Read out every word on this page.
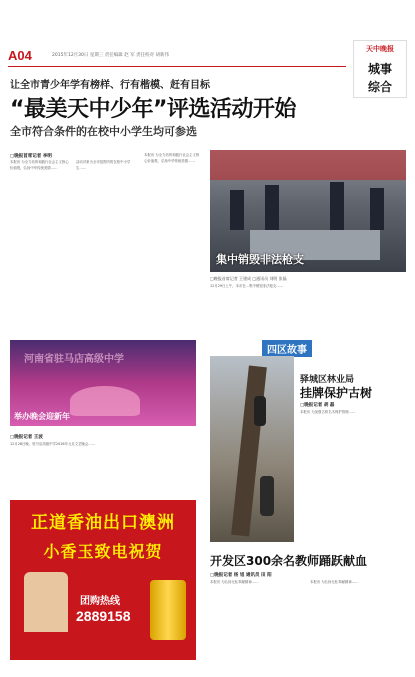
A04	2015年12月30日 星期三 责任编辑 赵 军 责任校对 胡新伟
天中晚报
城事
综合
让全市青少年学有榜样、行有楷模、赶有目标
“最美天中少年”评选活动开始
全市符合条件的在校中小学生均可参选
□晚报首席记者 李明

本报讯 为全力培育和践行社会主义核心价值观，弘扬中华传统美德……

活动对象为全市范围内的在校中小学生……

本报讯 为全力培育和践行社会主义核心价值观，弘扬中华传统美德……

集中销毁非法枪支
□晚报首席记者 王建成 □通讯员 刘明 张磊
12月29日上午，本市在…集中销毁非法枪支……
河南省驻马店高级中学
举办晚会迎新年
□晚报记者 王波
12月28日晚，驻马店高级中学2016年元旦文艺晚会……
正道香油出口澳洲
小香玉致电祝贺
团购热线
2889158
四区故事
驿城区林业局
挂牌保护古树
□晚报记者 胡 磊
本报讯 为加强古树名木保护管理……
开发区300余名教师踊跃献血
□晚报记者 杨 旭 通讯员 田 阳
本报讯 为弘扬无私奉献精神……	本报讯 为弘扬无私奉献精神……
